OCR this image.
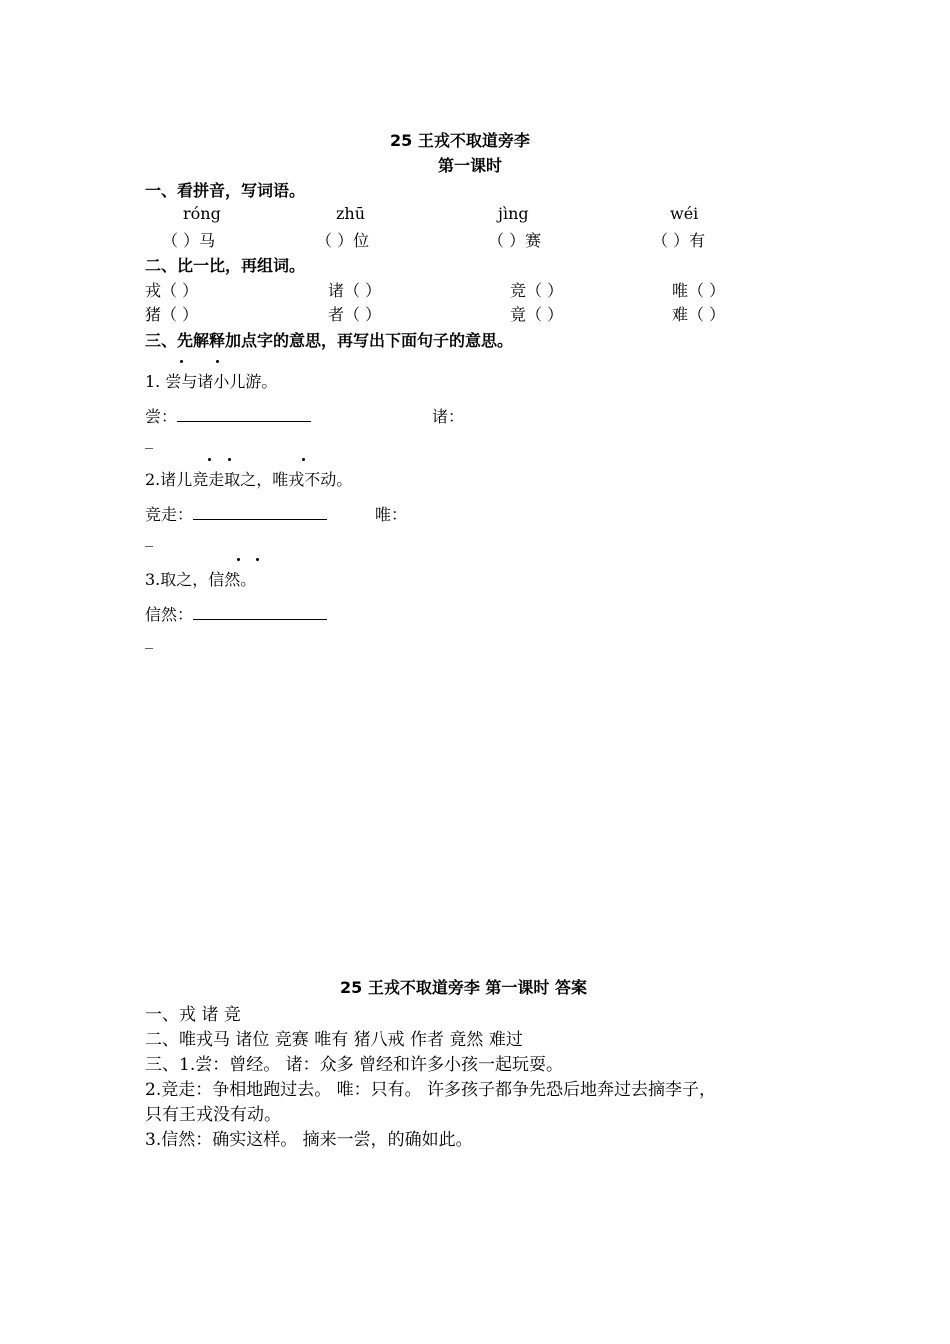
25 王戎不取道旁李
第一课时
一、看拼音，写词语。
róng	zhū	jìng	wéi
（ ）马	（ ）位	（ ）赛	（ ）有
二、比一比，再组词。
戎（ ）	诸（ ）	竞（ ）	唯（ ）
猪（ ）	者（ ）	竟（ ）	难（ ）
三、先解释加点字的意思，再写出下面句子的意思。
1. 尝与诸小儿游。
尝：	诸：
_
2.诸儿竞走取之，唯戎不动。
竞走：	唯：
_
3.取之，信然。
信然：
_
25 王戎不取道旁李 第一课时 答案
一、戎 诸 竞
二、唯戎马 诸位 竞赛 唯有 猪八戒 作者 竟然 难过
三、1.尝：曾经。 诸：众多 曾经和许多小孩一起玩耍。
2.竞走：争相地跑过去。 唯：只有。 许多孩子都争先恐后地奔过去摘李子，
只有王戎没有动。
3.信然：确实这样。 摘来一尝，的确如此。
